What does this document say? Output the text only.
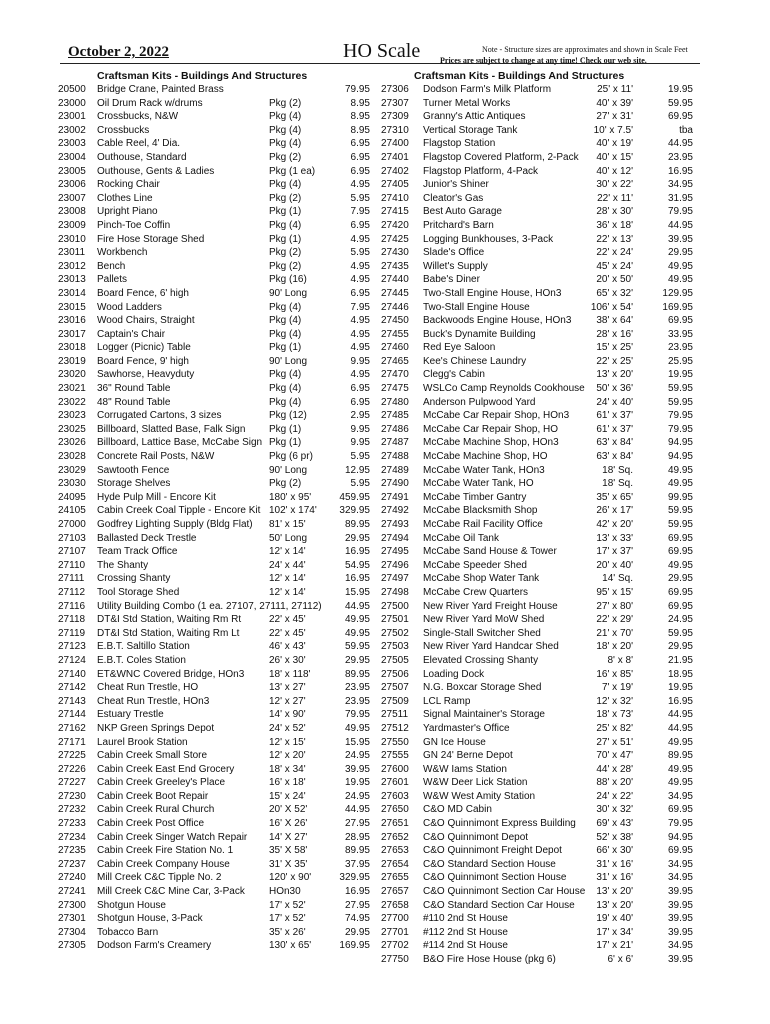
October 2, 2022	HO Scale	Note - Structure sizes are approximates and shown in Scale Feet
Prices are subject to change at any time! Check our web site.
Craftsman Kits - Buildings And Structures
20500 Bridge Crane, Painted Brass	79.95
23000 Oil Drum Rack w/drums	Pkg (2)	8.95
23001 Crossbucks, N&W	Pkg (4)	8.95
23002 Crossbucks	Pkg (4)	8.95
23003 Cable Reel, 4' Dia.	Pkg (4)	6.95
23004 Outhouse, Standard	Pkg (2)	6.95
23005 Outhouse, Gents & Ladies	Pkg (1 ea)	6.95
23006 Rocking Chair	Pkg (4)	4.95
23007 Clothes Line	Pkg (2)	5.95
23008 Upright Piano	Pkg (1)	7.95
23009 Pinch-Toe Coffin	Pkg (4)	6.95
23010 Fire Hose Storage Shed	Pkg (1)	4.95
23011 Workbench	Pkg (2)	5.95
23012 Bench	Pkg (2)	4.95
23013 Pallets	Pkg (16)	4.95
23014 Board Fence, 6' high	90' Long	6.95
23015 Wood Ladders	Pkg (4)	7.95
23016 Wood Chairs, Straight	Pkg (4)	4.95
23017 Captain's Chair	Pkg (4)	4.95
23018 Logger (Picnic) Table	Pkg (1)	4.95
23019 Board Fence, 9' high	90' Long	9.95
23020 Sawhorse, Heavyduty	Pkg (4)	4.95
23021 36" Round Table	Pkg (4)	6.95
23022 48" Round Table	Pkg (4)	6.95
23023 Corrugated Cartons, 3 sizes	Pkg (12)	2.95
23025 Billboard, Slatted Base, Falk Sign Pkg (1)	9.95
23026 Billboard, Lattice Base, McCabe Sign Pkg (1)	9.95
23028 Concrete Rail Posts, N&W	Pkg (6 pr)	5.95
23029 Sawtooth Fence	90' Long	12.95
23030 Storage Shelves	Pkg (2)	5.95
24095 Hyde Pulp Mill - Encore Kit	180' x 95'	459.95
24105 Cabin Creek Coal Tipple - Encore Kit 102' x 174' 329.95
27000 Godfrey Lighting Supply (Bldg Flat) 81' x 15'	89.95
27103 Ballasted Deck Trestle	50' Long	29.95
27107 Team Track Office	12' x 14'	16.95
27110 The Shanty	24' x 44'	54.95
27111 Crossing Shanty	12' x 14'	16.95
27112 Tool Storage Shed	12' x 14'	15.95
27116 Utility Building Combo (1 ea. 27107, 27111, 27112) 44.95
27118 DT&I Std Station, Waiting Rm Rt	22' x 45'	49.95
27119 DT&I Std Station, Waiting Rm Lt	22' x 45'	49.95
27123 E.B.T. Saltillo Station	46' x 43'	59.95
27124 E.B.T. Coles Station	26' x 30'	29.95
27140 ET&WNC Covered Bridge, HOn3 18' x 118'	89.95
27142 Cheat Run Trestle, HO	13' x 27'	23.95
27143 Cheat Run Trestle, HOn3	12' x 27'	23.95
27144 Estuary Trestle	14' x 90'	79.95
27162 NKP Green Springs Depot	24' x 52'	49.95
27171 Laurel Brook Station	12' x 15'	15.95
27225 Cabin Creek Small Store	12' x 20'	24.95
27226 Cabin Creek East End Grocery	18' x 34'	39.95
27227 Cabin Creek Greeley's Place	16' x 18'	19.95
27230 Cabin Creek Boot Repair	15' x 24'	24.95
27232 Cabin Creek Rural Church	20' X 52'	44.95
27233 Cabin Creek Post Office	16' X 26'	27.95
27234 Cabin Creek Singer Watch Repair 14' X 27'	28.95
27235 Cabin Creek Fire Station No. 1	35' X 58'	89.95
27237 Cabin Creek Company House	31' X 35'	37.95
27240 Mill Creek C&C Tipple No. 2	120' x 90'	329.95
27241 Mill Creek C&C Mine Car, 3-Pack HOn30	16.95
27300 Shotgun House	17' x 52'	27.95
27301 Shotgun House, 3-Pack	17' x 52'	74.95
27304 Tobacco Barn	35' x 26'	29.95
27305 Dodson Farm's Creamery	130' x 65'	169.95
Craftsman Kits - Buildings And Structures
27306 Dodson Farm's Milk Platform	25' x 11'	19.95
27307 Turner Metal Works	40' x 39'	59.95
27309 Granny's Attic Antiques	27' x 31'	69.95
27310 Vertical Storage Tank	10' x 7.5'	tba
27400 Flagstop Station	40' x 19'	44.95
27401 Flagstop Covered Platform, 2-Pack 40' x 15'	23.95
27402 Flagstop Platform, 4-Pack	40' x 12'	16.95
27405 Junior's Shiner	30' x 22'	34.95
27410 Cleator's Gas	22' x 11'	31.95
27415 Best Auto Garage	28' x 30'	79.95
27420 Pritchard's Barn	36' x 18'	44.95
27425 Logging Bunkhouses, 3-Pack	22' x 13'	39.95
27430 Slade's Office	22' x 24'	29.95
27435 Willet's Supply	45' x 24'	49.95
27440 Babe's Diner	20' x 50'	49.95
27445 Two-Stall Engine House, HOn3	65' x 32'	129.95
27446 Two-Stall Engine House	106' x 54'	169.95
27450 Backwoods Engine House, HOn3 38' x 64'	69.95
27455 Buck's Dynamite Building	28' x 16'	33.95
27460 Red Eye Saloon	15' x 25'	23.95
27465 Kee's Chinese Laundry	22' x 25'	25.95
27470 Clegg's Cabin	13' x 20'	19.95
27475 WSLCo Camp Reynolds Cookhouse 50' x 36'	59.95
27480 Anderson Pulpwood Yard	24' x 40'	59.95
27485 McCabe Car Repair Shop, HOn3	61' x 37'	79.95
27486 McCabe Car Repair Shop, HO	61' x 37'	79.95
27487 McCabe Machine Shop, HOn3	63' x 84'	94.95
27488 McCabe Machine Shop, HO	63' x 84'	94.95
27489 McCabe Water Tank, HOn3	18' Sq.	49.95
27490 McCabe Water Tank, HO	18' Sq.	49.95
27491 McCabe Timber Gantry	35' x 65'	99.95
27492 McCabe Blacksmith Shop	26' x 17'	59.95
27493 McCabe Rail Facility Office	42' x 20'	59.95
27494 McCabe Oil Tank	13' x 33'	69.95
27495 McCabe Sand House & Tower	17' x 37'	69.95
27496 McCabe Speeder Shed	20' x 40'	49.95
27497 McCabe Shop Water Tank	14' Sq.	29.95
27498 McCabe Crew Quarters	95' x 15'	69.95
27500 New River Yard Freight House	27' x 80'	69.95
27501 New River Yard MoW Shed	22' x 29'	24.95
27502 Single-Stall Switcher Shed	21' x 70'	59.95
27503 New River Yard Handcar Shed	18' x 20'	29.95
27505 Elevated Crossing Shanty	8' x 8'	21.95
27506 Loading Dock	16' x 85'	18.95
27507 N.G. Boxcar Storage Shed	7' x 19'	19.95
27509 LCL Ramp	12' x 32'	16.95
27511 Signal Maintainer's Storage	18' x 73'	44.95
27512 Yardmaster's Office	25' x 82'	44.95
27550 GN Ice House	27' x 51'	49.95
27555 GN 24' Berne Depot	70' x 47'	89.95
27600 W&W Iams Station	44' x 28'	49.95
27601 W&W Deer Lick Station	88' x 20'	49.95
27603 W&W West Amity Station	24' x 22'	34.95
27650 C&O MD Cabin	30' x 32'	69.95
27651 C&O Quinnimont Express Building 69' x 43'	79.95
27652 C&O Quinnimont Depot	52' x 38'	94.95
27653 C&O Quinnimont Freight Depot	66' x 30'	69.95
27654 C&O Standard Section House	31' x 16'	34.95
27655 C&O Quinnimont Section House	31' x 16'	34.95
27657 C&O Quinnimont Section Car House 13' x 20'	39.95
27658 C&O Standard Section Car House 13' x 20'	39.95
27700 #110 2nd St House	19' x 40'	39.95
27701 #112 2nd St House	17' x 34'	39.95
27702 #114 2nd St House	17' x 21'	34.95
27750 B&O Fire Hose House (pkg 6)	6' x 6'	39.95
